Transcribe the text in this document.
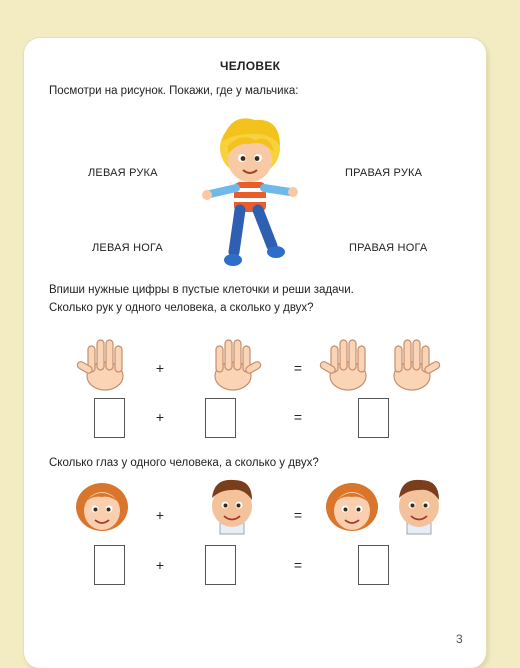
ЧЕЛОВЕК
Посмотри на рисунок. Покажи, где у мальчика:
ЛЕВАЯ РУКА	ПРАВАЯ РУКА
ЛЕВАЯ НОГА	ПРАВАЯ НОГА
Впиши нужные цифры в пустые клеточки и реши задачи.
Сколько рук у одного человека, а сколько у двух?
+	=
+	=
Сколько глаз у одного человека, а сколько у двух?
+	=
+	=
3
